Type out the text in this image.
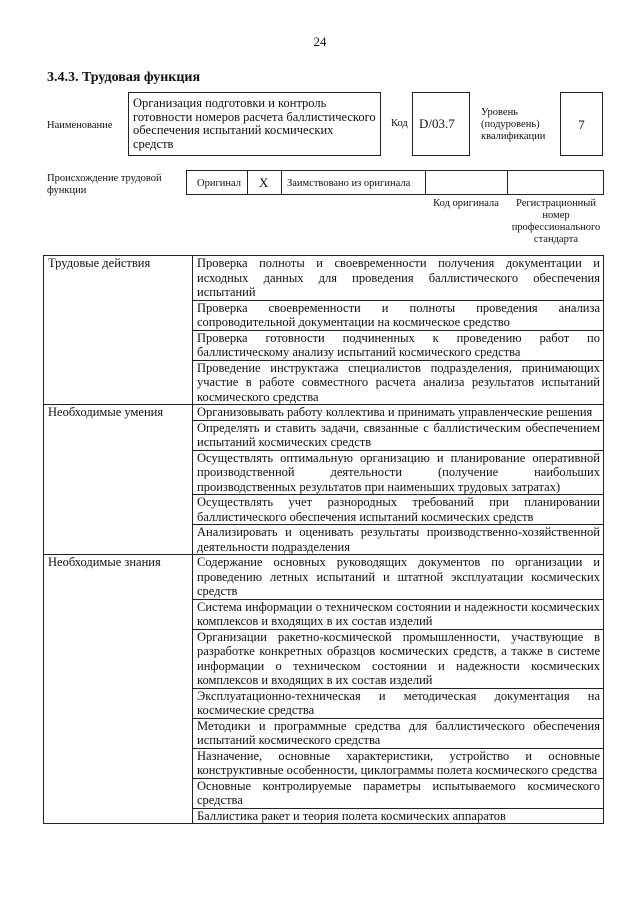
24
3.4.3. Трудовая функция
Наименование
Организация подготовки и контроль готовности номеров расчета баллистического обеспечения испытаний космических средств
Код D/03.7
Уровень (подуровень) квалификации
7
Происхождение трудовой функции
Оригинал X Заимствовано из оригинала
Код оригинала	Регистрационный номер профессионального стандарта
Трудовые действия	Проверка полноты и своевременности получения документации и исходных данных для проведения баллистического обеспечения испытаний
	Проверка своевременности и полноты проведения анализа сопроводительной документации на космическое средство
	Проверка готовности подчиненных к проведению работ по баллистическому анализу испытаний космического средства
	Проведение инструктажа специалистов подразделения, принимающих участие в работе совместного расчета анализа результатов испытаний космического средства
Необходимые умения	Организовывать работу коллектива и принимать управленческие решения
	Определять и ставить задачи, связанные с баллистическим обеспечением испытаний космических средств
	Осуществлять оптимальную организацию и планирование оперативной производственной деятельности (получение наибольших производственных результатов при наименьших трудовых затратах)
	Осуществлять учет разнородных требований при планировании баллистического обеспечения испытаний космических средств
	Анализировать и оценивать результаты производственно-хозяйственной деятельности подразделения
Необходимые знания	Содержание основных руководящих документов по организации и проведению летных испытаний и штатной эксплуатации космических средств
	Система информации о техническом состоянии и надежности космических комплексов и входящих в их состав изделий
	Организации ракетно-космической промышленности, участвующие в разработке конкретных образцов космических средств, а также в системе информации о техническом состоянии и надежности космических комплексов и входящих в их состав изделий
	Эксплуатационно-техническая и методическая документация на космические средства
	Методики и программные средства для баллистического обеспечения испытаний космического средства
	Назначение, основные характеристики, устройство и основные конструктивные особенности, циклограммы полета космического средства
	Основные контролируемые параметры испытываемого космического средства
	Баллистика ракет и теория полета космических аппаратов
